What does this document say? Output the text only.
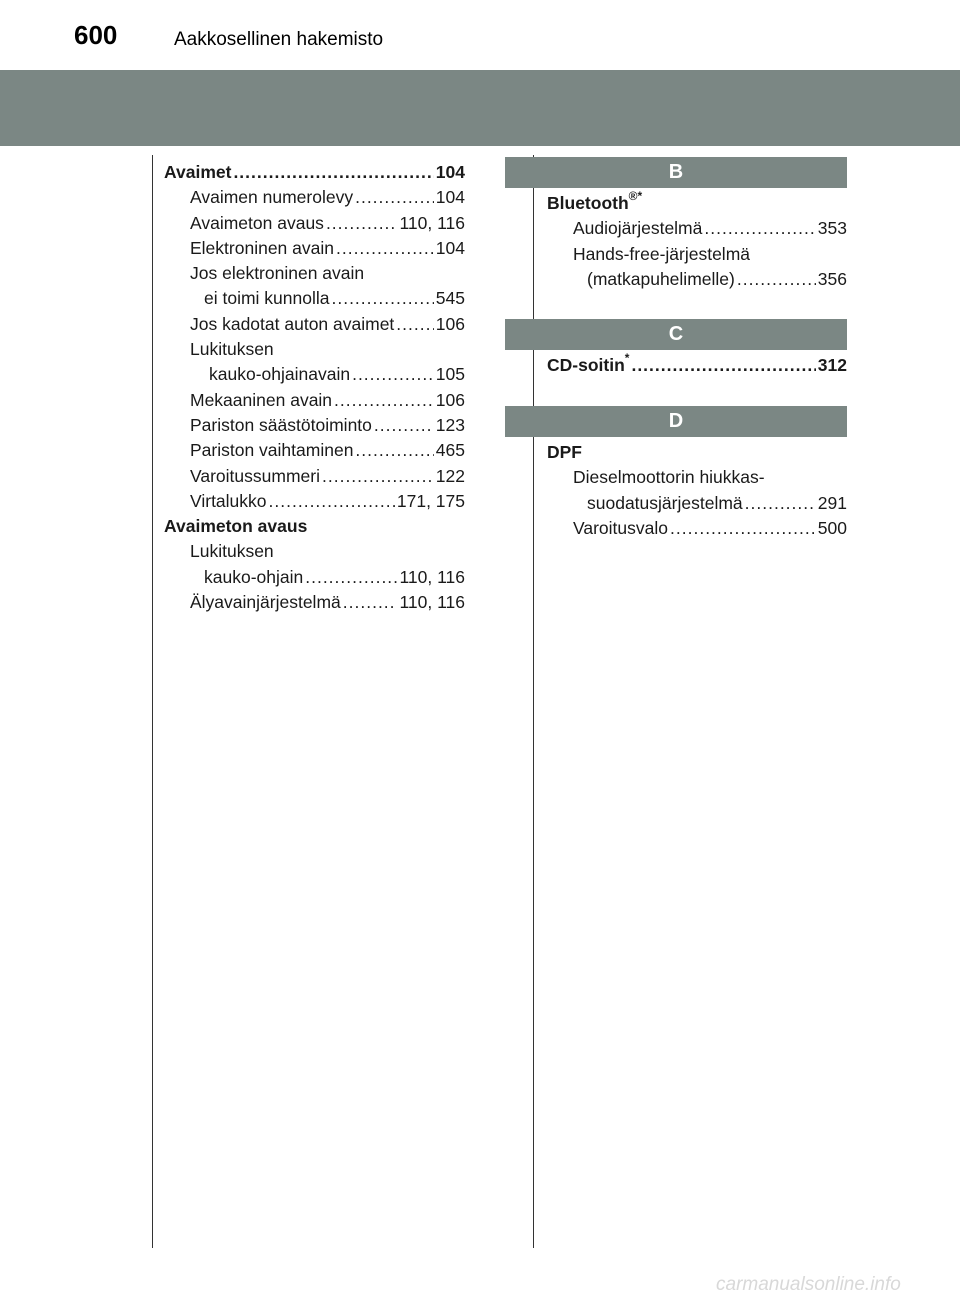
600	Aakkosellinen hakemisto
Avaimet .....	104
Avaimen numerolevy .....	104
Avaimeton avaus .....	110, 116
Elektroninen avain .....	104
Jos elektroninen avain
ei toimi kunnolla .....	545
Jos kadotat auton avaimet ..... 106
Lukituksen
kauko-ohjainavain .....	105
Mekaaninen avain .....	106
Pariston säästötoiminto .....	123
Pariston vaihtaminen .....	465
Varoitussummeri .....	122
Virtalukko .....	171, 175
Avaimeton avaus
Lukituksen
kauko-ohjain .....	110, 116
Älyavainjärjestelmä .....	110, 116
B
Bluetooth®*
Audiojärjestelmä .....	353
Hands-free-järjestelmä
(matkapuhelimelle) .....	356
C
CD-soitin* .....	312
D
DPF
Dieselmoottorin hiukkas-
suodatusjärjestelmä .....	291
Varoitusvalo .....	500
carmanualsonline.info
